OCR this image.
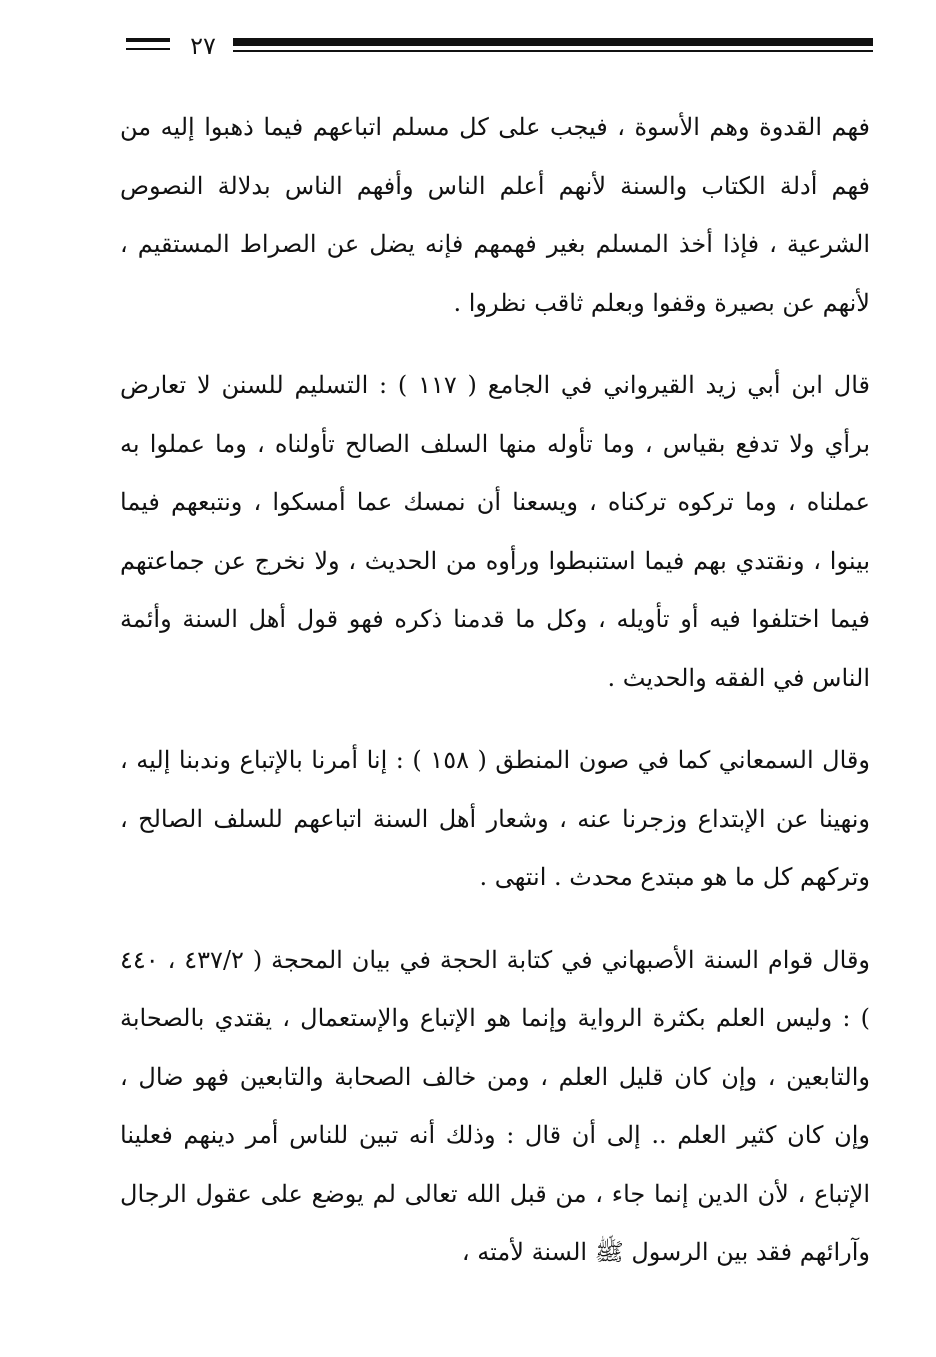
٢٧

فهم القدوة وهم الأسوة ، فيجب على كل مسلم اتباعهم فيما ذهبوا إليه من فهم أدلة الكتاب والسنة لأنهم أعلم الناس وأفهم الناس بدلالة النصوص الشرعية ، فإذا أخذ المسلم بغير فهمهم فإنه يضل عن الصراط المستقيم ، لأنهم عن بصيرة وقفوا وبعلم ثاقب نظروا .

قال ابن أبي زيد القيرواني في الجامع ( ١١٧ ) : التسليم للسنن لا تعارض برأي ولا تدفع بقياس ، وما تأوله منها السلف الصالح تأولناه ، وما عملوا به عملناه ، وما تركوه تركناه ، ويسعنا أن نمسك عما أمسكوا ، ونتبعهم فيما بينوا ، ونقتدي بهم فيما استنبطوا ورأوه من الحديث ، ولا نخرج عن جماعتهم فيما اختلفوا فيه أو تأويله ، وكل ما قدمنا ذكره فهو قول أهل السنة وأئمة الناس في الفقه والحديث .

وقال السمعاني كما في صون المنطق ( ١٥٨ ) : إنا أمرنا بالإتباع وندبنا إليه ، ونهينا عن الإبتداع وزجرنا عنه ، وشعار أهل السنة اتباعهم للسلف الصالح ، وتركهم كل ما هو مبتدع محدث . انتهى .

وقال قوام السنة الأصبهاني في كتابة الحجة في بيان المحجة ( ٤٣٧/٢ ، ٤٤٠ ) : وليس العلم بكثرة الرواية وإنما هو الإتباع والإستعمال ، يقتدي بالصحابة والتابعين ، وإن كان قليل العلم ، ومن خالف الصحابة والتابعين فهو ضال ، وإن كان كثير العلم .. إلى أن قال : وذلك أنه تبين للناس أمر دينهم فعلينا الإتباع ، لأن الدين إنما جاء ، من قبل الله تعالى لم يوضع على عقول الرجال وآرائهم فقد بين الرسول ﷺ السنة لأمته ،
